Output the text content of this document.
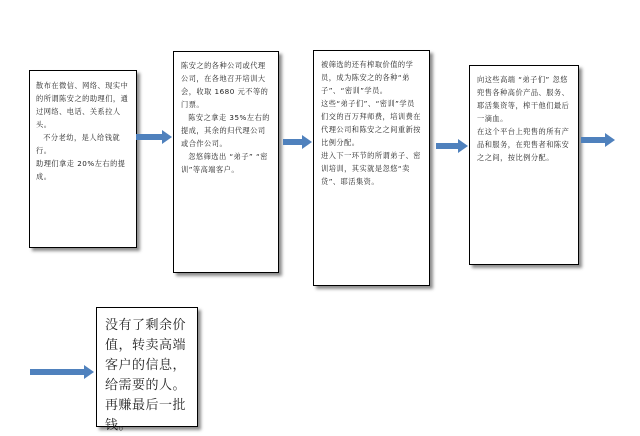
散布在微信、网络、现实中的所谓陈安之的助理们，通过网络、电话、关系拉人头。

不分老幼，是人给钱就行。

助理们拿走 20%左右的提成。

陈安之的各种公司或代理公司，在各地召开培训大会，收取 1680 元不等的门票。

陈安之拿走 35%左右的提成，其余的归代理公司或合作公司。

忽悠筛选出 “弟子” “密训”等高端客户。

被筛选的还有榨取价值的学员，成为陈安之的各种“弟子”、“密训”学员。

这些“弟子们”、“密训”学员们交的百万拜师费，培训费在代理公司和陈安之之间重新按比例分配。

进入下一环节的所谓弟子、密训培训，其实就是忽悠“卖货”、耶活集资。

向这些高端 “弟子们” 忽悠兜售各种高价产品、服务、耶活集资等，榨干他们最后一滴血。

在这个平台上兜售的所有产品和服务，在兜售者和陈安之之间，按比例分配。

没有了剩余价值，转卖高端客户的信息，给需要的人。再赚最后一批钱。
